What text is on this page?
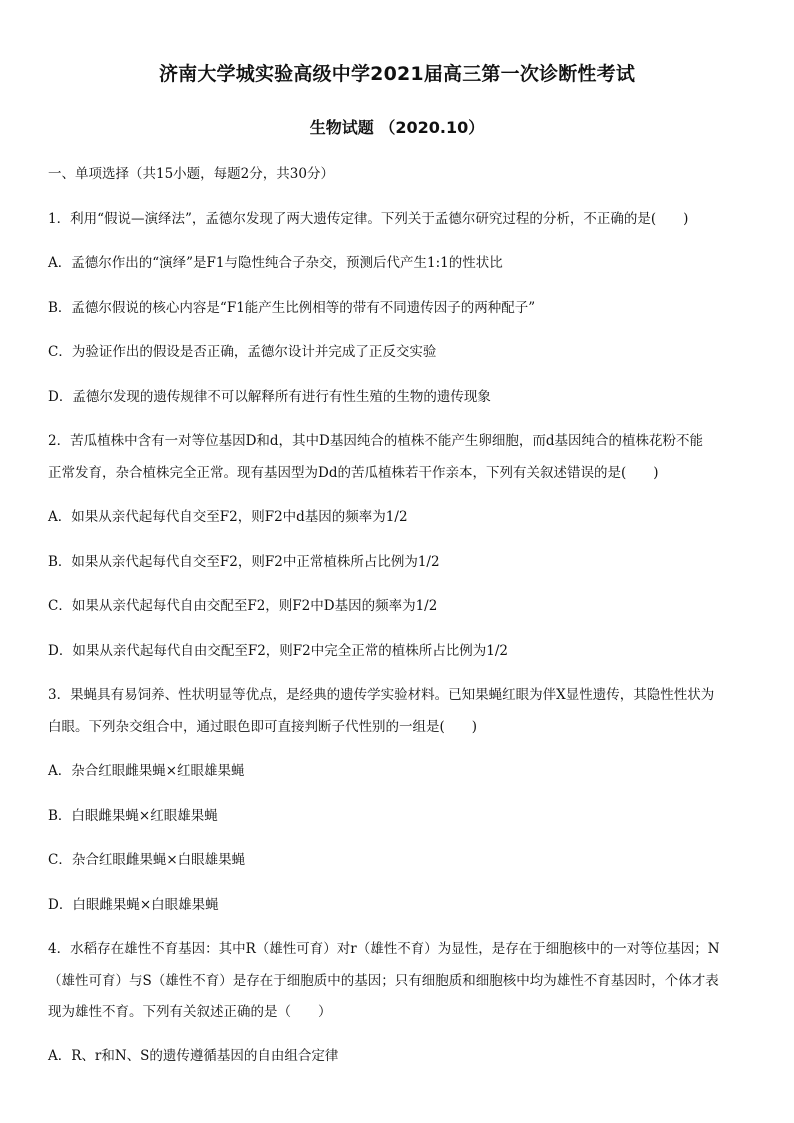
济南大学城实验高级中学2021届高三第一次诊断性考试
生物试题 （2020.10）
一、单项选择（共15小题，每题2分，共30分）
1．利用“假说—演绎法”，孟德尔发现了两大遗传定律。下列关于孟德尔研究过程的分析，不正确的是(　　)
A．孟德尔作出的“演绎”是F1与隐性纯合子杂交，预测后代产生1:1的性状比
B．孟德尔假说的核心内容是“F1能产生比例相等的带有不同遗传因子的两种配子”
C．为验证作出的假设是否正确，孟德尔设计并完成了正反交实验
D．孟德尔发现的遗传规律不可以解释所有进行有性生殖的生物的遗传现象
2．苦瓜植株中含有一对等位基因D和d，其中D基因纯合的植株不能产生卵细胞，而d基因纯合的植株花粉不能
正常发育，杂合植株完全正常。现有基因型为Dd的苦瓜植株若干作亲本，下列有关叙述错误的是(　　)
A．如果从亲代起每代自交至F2，则F2中d基因的频率为1/2
B．如果从亲代起每代自交至F2，则F2中正常植株所占比例为1/2
C．如果从亲代起每代自由交配至F2，则F2中D基因的频率为1/2
D．如果从亲代起每代自由交配至F2，则F2中完全正常的植株所占比例为1/2
3．果蝇具有易饲养、性状明显等优点，是经典的遗传学实验材料。已知果蝇红眼为伴X显性遗传，其隐性性状为
白眼。下列杂交组合中，通过眼色即可直接判断子代性别的一组是(　　)
A．杂合红眼雌果蝇×红眼雄果蝇
B．白眼雌果蝇×红眼雄果蝇
C．杂合红眼雌果蝇×白眼雄果蝇
D．白眼雌果蝇×白眼雄果蝇
4．水稻存在雄性不育基因：其中R（雄性可育）对r（雄性不育）为显性，是存在于细胞核中的一对等位基因；N
（雄性可育）与S（雄性不育）是存在于细胞质中的基因；只有细胞质和细胞核中均为雄性不育基因时，个体才表
现为雄性不育。下列有关叙述正确的是（　　）
A．R、r和N、S的遗传遵循基因的自由组合定律
